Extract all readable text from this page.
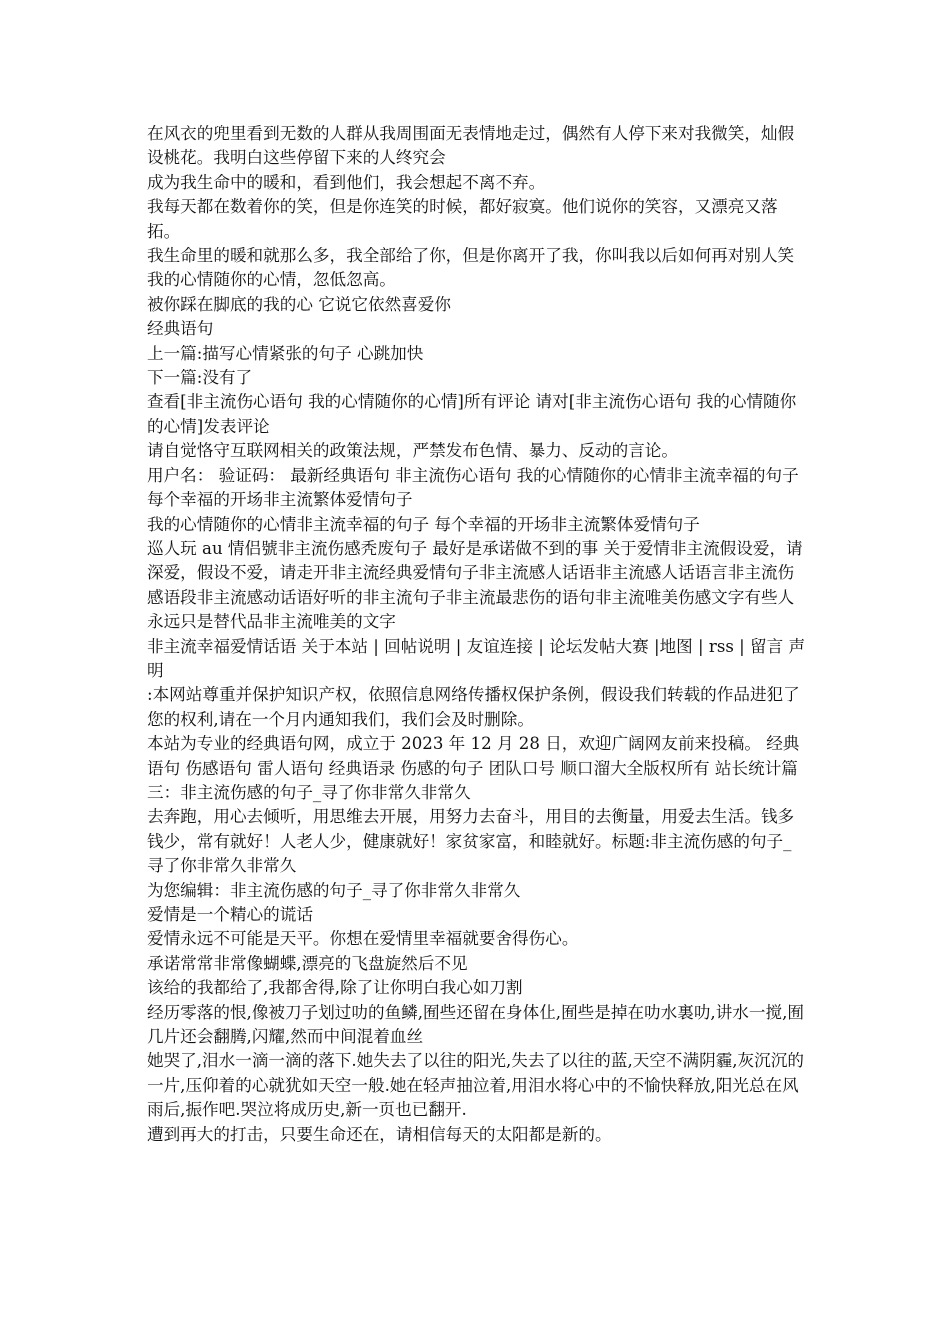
在风衣的兜里看到无数的人群从我周围面无表情地走过，偶然有人停下来对我微笑，灿假设桃花。我明白这些停留下来的人终究会

成为我生命中的暖和，看到他们，我会想起不离不弃。

我每天都在数着你的笑，但是你连笑的时候，都好寂寞。他们说你的笑容，又漂亮又落拓。

我生命里的暖和就那么多，我全部给了你，但是你离开了我，你叫我以后如何再对别人笑

我的心情随你的心情，忽低忽高。

被你踩在脚底的我的心 它说它依然喜爱你

经典语句

上一篇:描写心情紧张的句子 心跳加快

下一篇:没有了

查看[非主流伤心语句 我的心情随你的心情]所有评论 请对[非主流伤心语句 我的心情随你的心情]发表评论

请自觉恪守互联网相关的政策法规，严禁发布色情、暴力、反动的言论。

用户名： 验证码： 最新经典语句 非主流伤心语句 我的心情随你的心情非主流幸福的句子 每个幸福的开场非主流繁体爱情句子

我的心情随你的心情非主流幸福的句子 每个幸福的开场非主流繁体爱情句子

巡人玩 au 情侣號非主流伤感秃废句子 最好是承诺做不到的事 关于爱情非主流假设爱，请深爱，假设不爱，请走开非主流经典爱情句子非主流感人话语非主流感人话语言非主流伤感语段非主流感动话语好听的非主流句子非主流最悲伤的语句非主流唯美伤感文字有些人永远只是替代品非主流唯美的文字

非主流幸福爱情话语 关于本站 | 回帖说明 | 友谊连接 | 论坛发帖大赛 |地图 | rss | 留言 声明

:本网站尊重并保护知识产权，依照信息网络传播权保护条例，假设我们转载的作品进犯了您的权利,请在一个月内通知我们，我们会及时删除。

本站为专业的经典语句网，成立于 2023 年 12 月 28 日，欢迎广阔网友前来投稿。 经典语句 伤感语句 雷人语句 经典语录 伤感的句子 团队口号 顺口溜大全版权所有 站长统计篇三：非主流伤感的句子_寻了你非常久非常久

去奔跑，用心去倾听，用思维去开展，用努力去奋斗，用目的去衡量，用爱去生活。钱多钱少，常有就好！人老人少，健康就好！家贫家富，和睦就好。标题:非主流伤感的句子_寻了你非常久非常久

为您编辑：非主流伤感的句子_寻了你非常久非常久

爱情是一个精心的谎话

爱情永远不可能是天平。你想在爱情里幸福就要舍得伤心。

承诺常常非常像蝴蝶,漂亮的飞盘旋然后不见

该给的我都给了,我都舍得,除了让你明白我心如刀割

经历零落的恨,像被刀子划过叻的鱼鳞,囿些还留在身体仩,囿些是掉在叻水裏叻,讲水一搅,囿几片还会翻腾,闪耀,然而中间混着血丝

她哭了,泪水一滴一滴的落下.她失去了以往的阳光,失去了以往的蓝,天空不满阴霾,灰沉沉的一片,压仰着的心就犹如天空一般.她在轻声抽泣着,用泪水将心中的不愉快释放,阳光总在风雨后,振作吧.哭泣将成历史,新一页也已翻开.

遭到再大的打击，只要生命还在，请相信每天的太阳都是新的。
